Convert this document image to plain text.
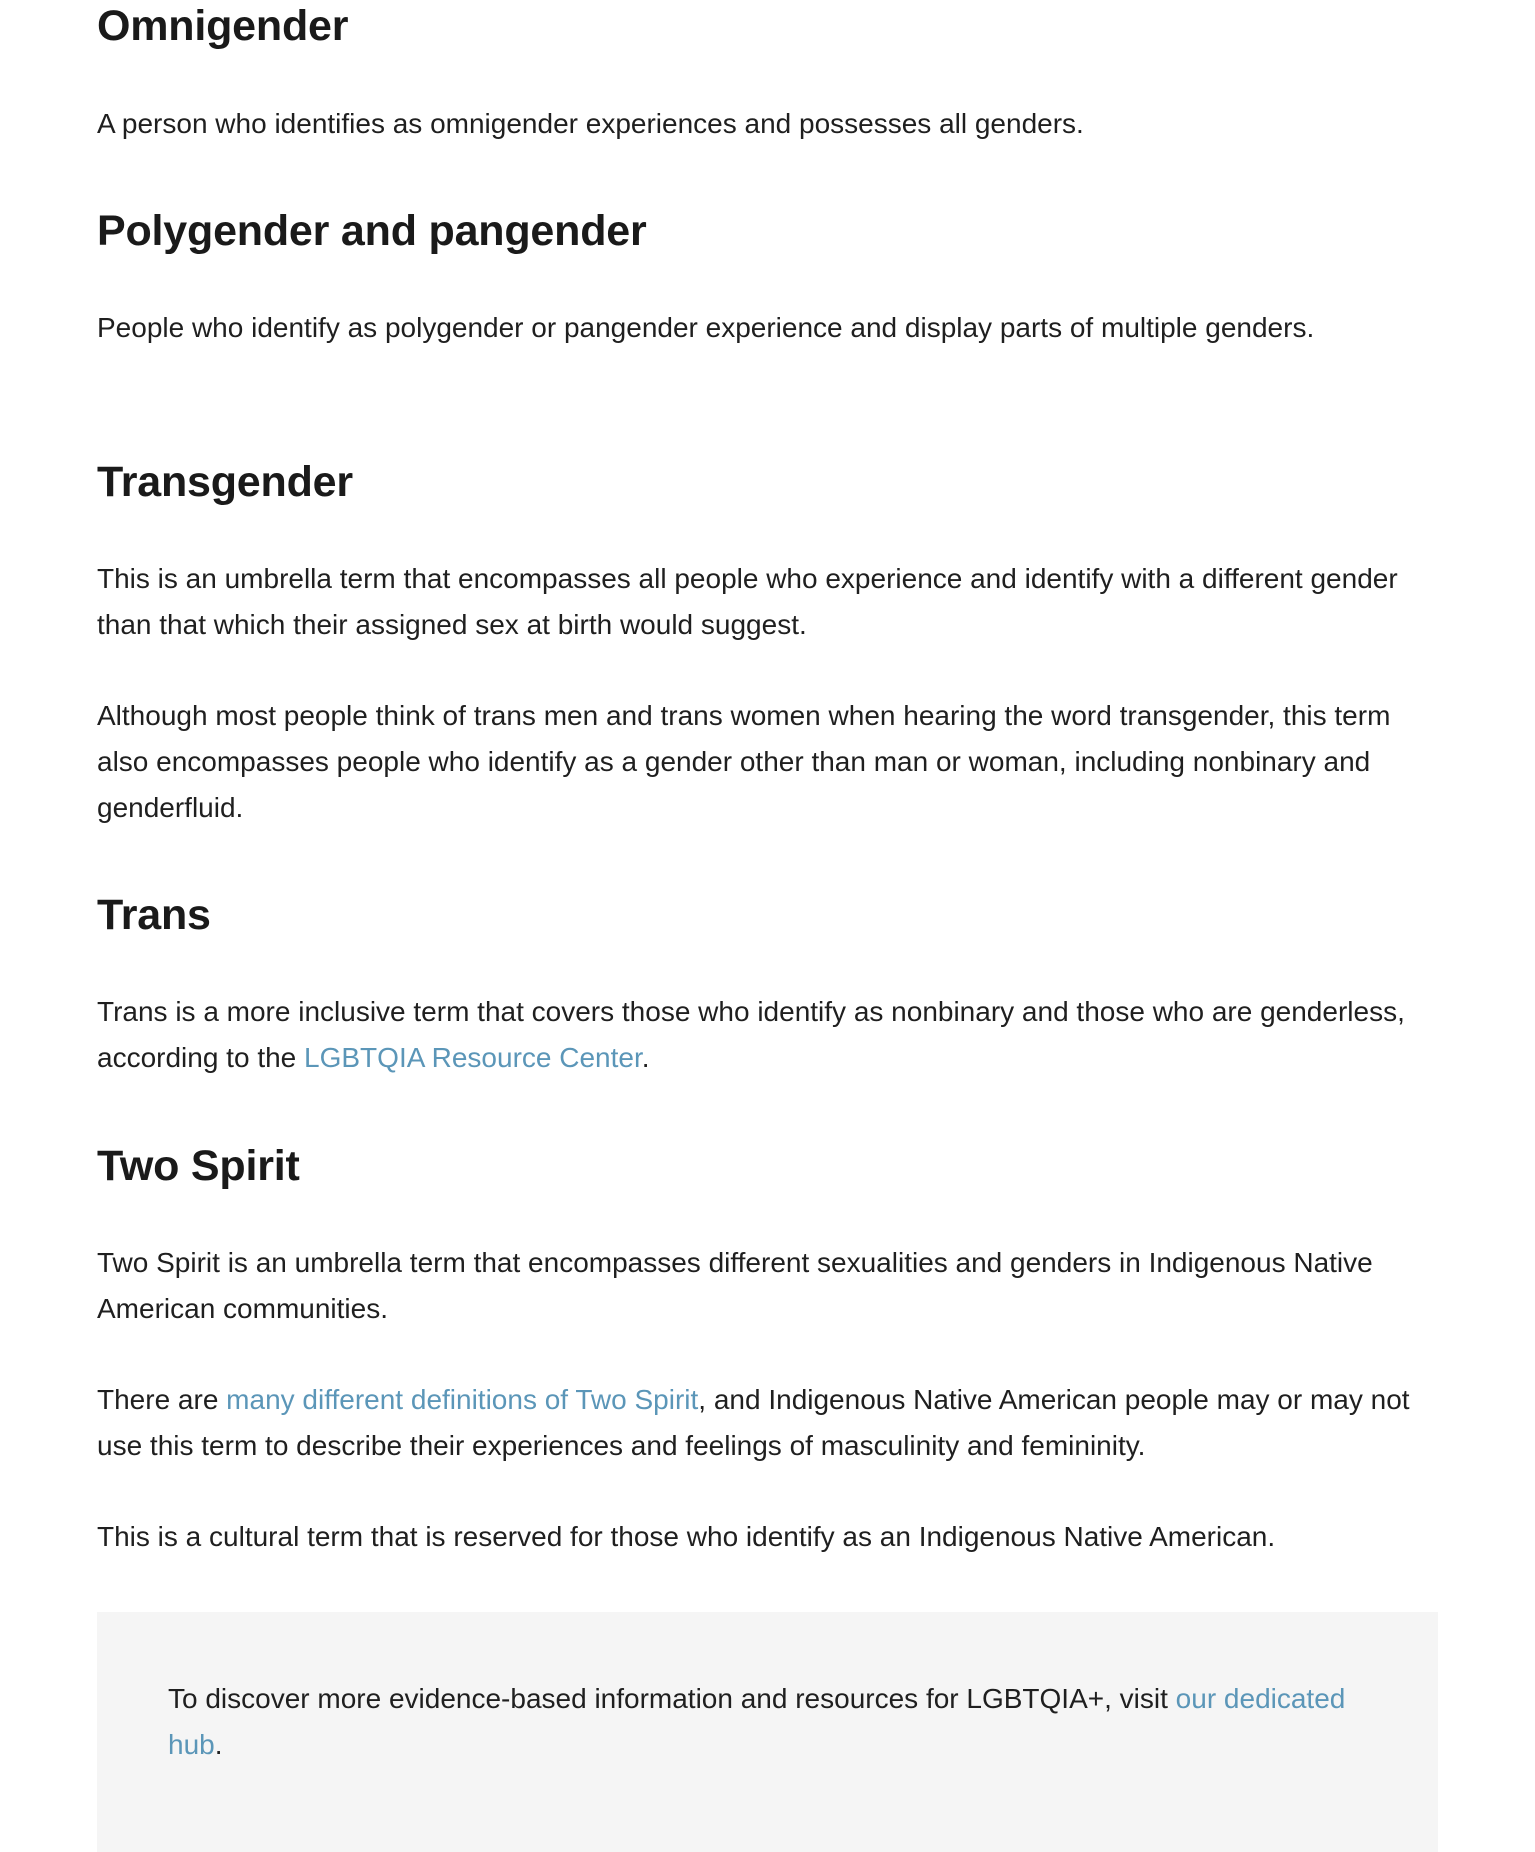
Omnigender

A person who identifies as omnigender experiences and possesses all genders.

Polygender and pangender

People who identify as polygender or pangender experience and display parts of multiple genders.

Transgender

This is an umbrella term that encompasses all people who experience and identify with a different gender than that which their assigned sex at birth would suggest.

Although most people think of trans men and trans women when hearing the word transgender, this term also encompasses people who identify as a gender other than man or woman, including nonbinary and genderfluid.

Trans

Trans is a more inclusive term that covers those who identify as nonbinary and those who are genderless, according to the LGBTQIA Resource Center.

Two Spirit

Two Spirit is an umbrella term that encompasses different sexualities and genders in Indigenous Native American communities.

There are many different definitions of Two Spirit, and Indigenous Native American people may or may not use this term to describe their experiences and feelings of masculinity and femininity.

This is a cultural term that is reserved for those who identify as an Indigenous Native American.

To discover more evidence-based information and resources for LGBTQIA+, visit our dedicated hub.
